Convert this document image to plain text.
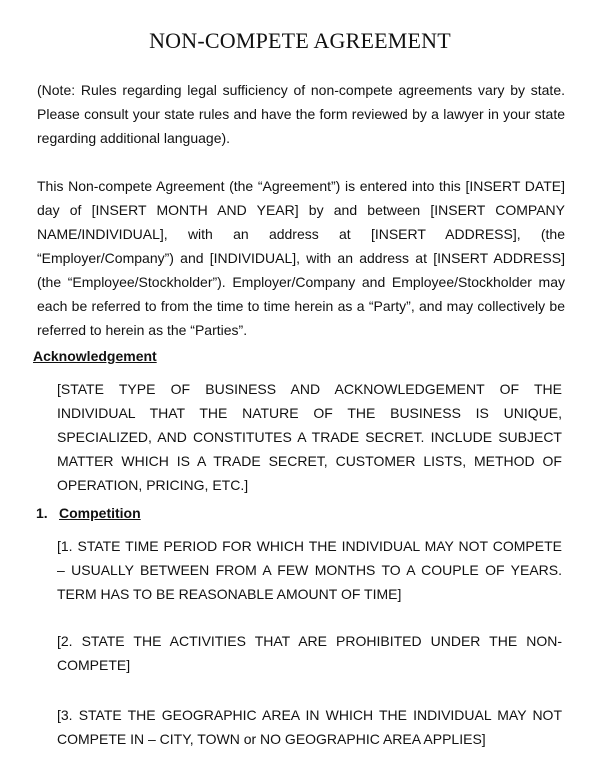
NON-COMPETE AGREEMENT

(Note: Rules regarding legal sufficiency of non-compete agreements vary by state. Please consult your state rules and have the form reviewed by a lawyer in your state regarding additional language).

This Non-compete Agreement (the “Agreement”) is entered into this [INSERT DATE] day of [INSERT MONTH AND YEAR] by and between [INSERT COMPANY NAME/INDIVIDUAL], with an address at [INSERT ADDRESS], (the “Employer/Company”) and [INDIVIDUAL], with an address at [INSERT ADDRESS] (the “Employee/Stockholder”). Employer/Company and Employee/Stockholder may each be referred to from the time to time herein as a “Party”, and may collectively be referred to herein as the “Parties”.

Acknowledgement

[STATE TYPE OF BUSINESS AND ACKNOWLEDGEMENT OF THE INDIVIDUAL THAT THE NATURE OF THE BUSINESS IS UNIQUE, SPECIALIZED, AND CONSTITUTES A TRADE SECRET. INCLUDE SUBJECT MATTER WHICH IS A TRADE SECRET, CUSTOMER LISTS, METHOD OF OPERATION, PRICING, ETC.]

1. Competition

[1. STATE TIME PERIOD FOR WHICH THE INDIVIDUAL MAY NOT COMPETE – USUALLY BETWEEN FROM A FEW MONTHS TO A COUPLE OF YEARS. TERM HAS TO BE REASONABLE AMOUNT OF TIME]

[2. STATE THE ACTIVITIES THAT ARE PROHIBITED UNDER THE NON-COMPETE]

[3. STATE THE GEOGRAPHIC AREA IN WHICH THE INDIVIDUAL MAY NOT COMPETE IN – CITY, TOWN or NO GEOGRAPHIC AREA APPLIES]
